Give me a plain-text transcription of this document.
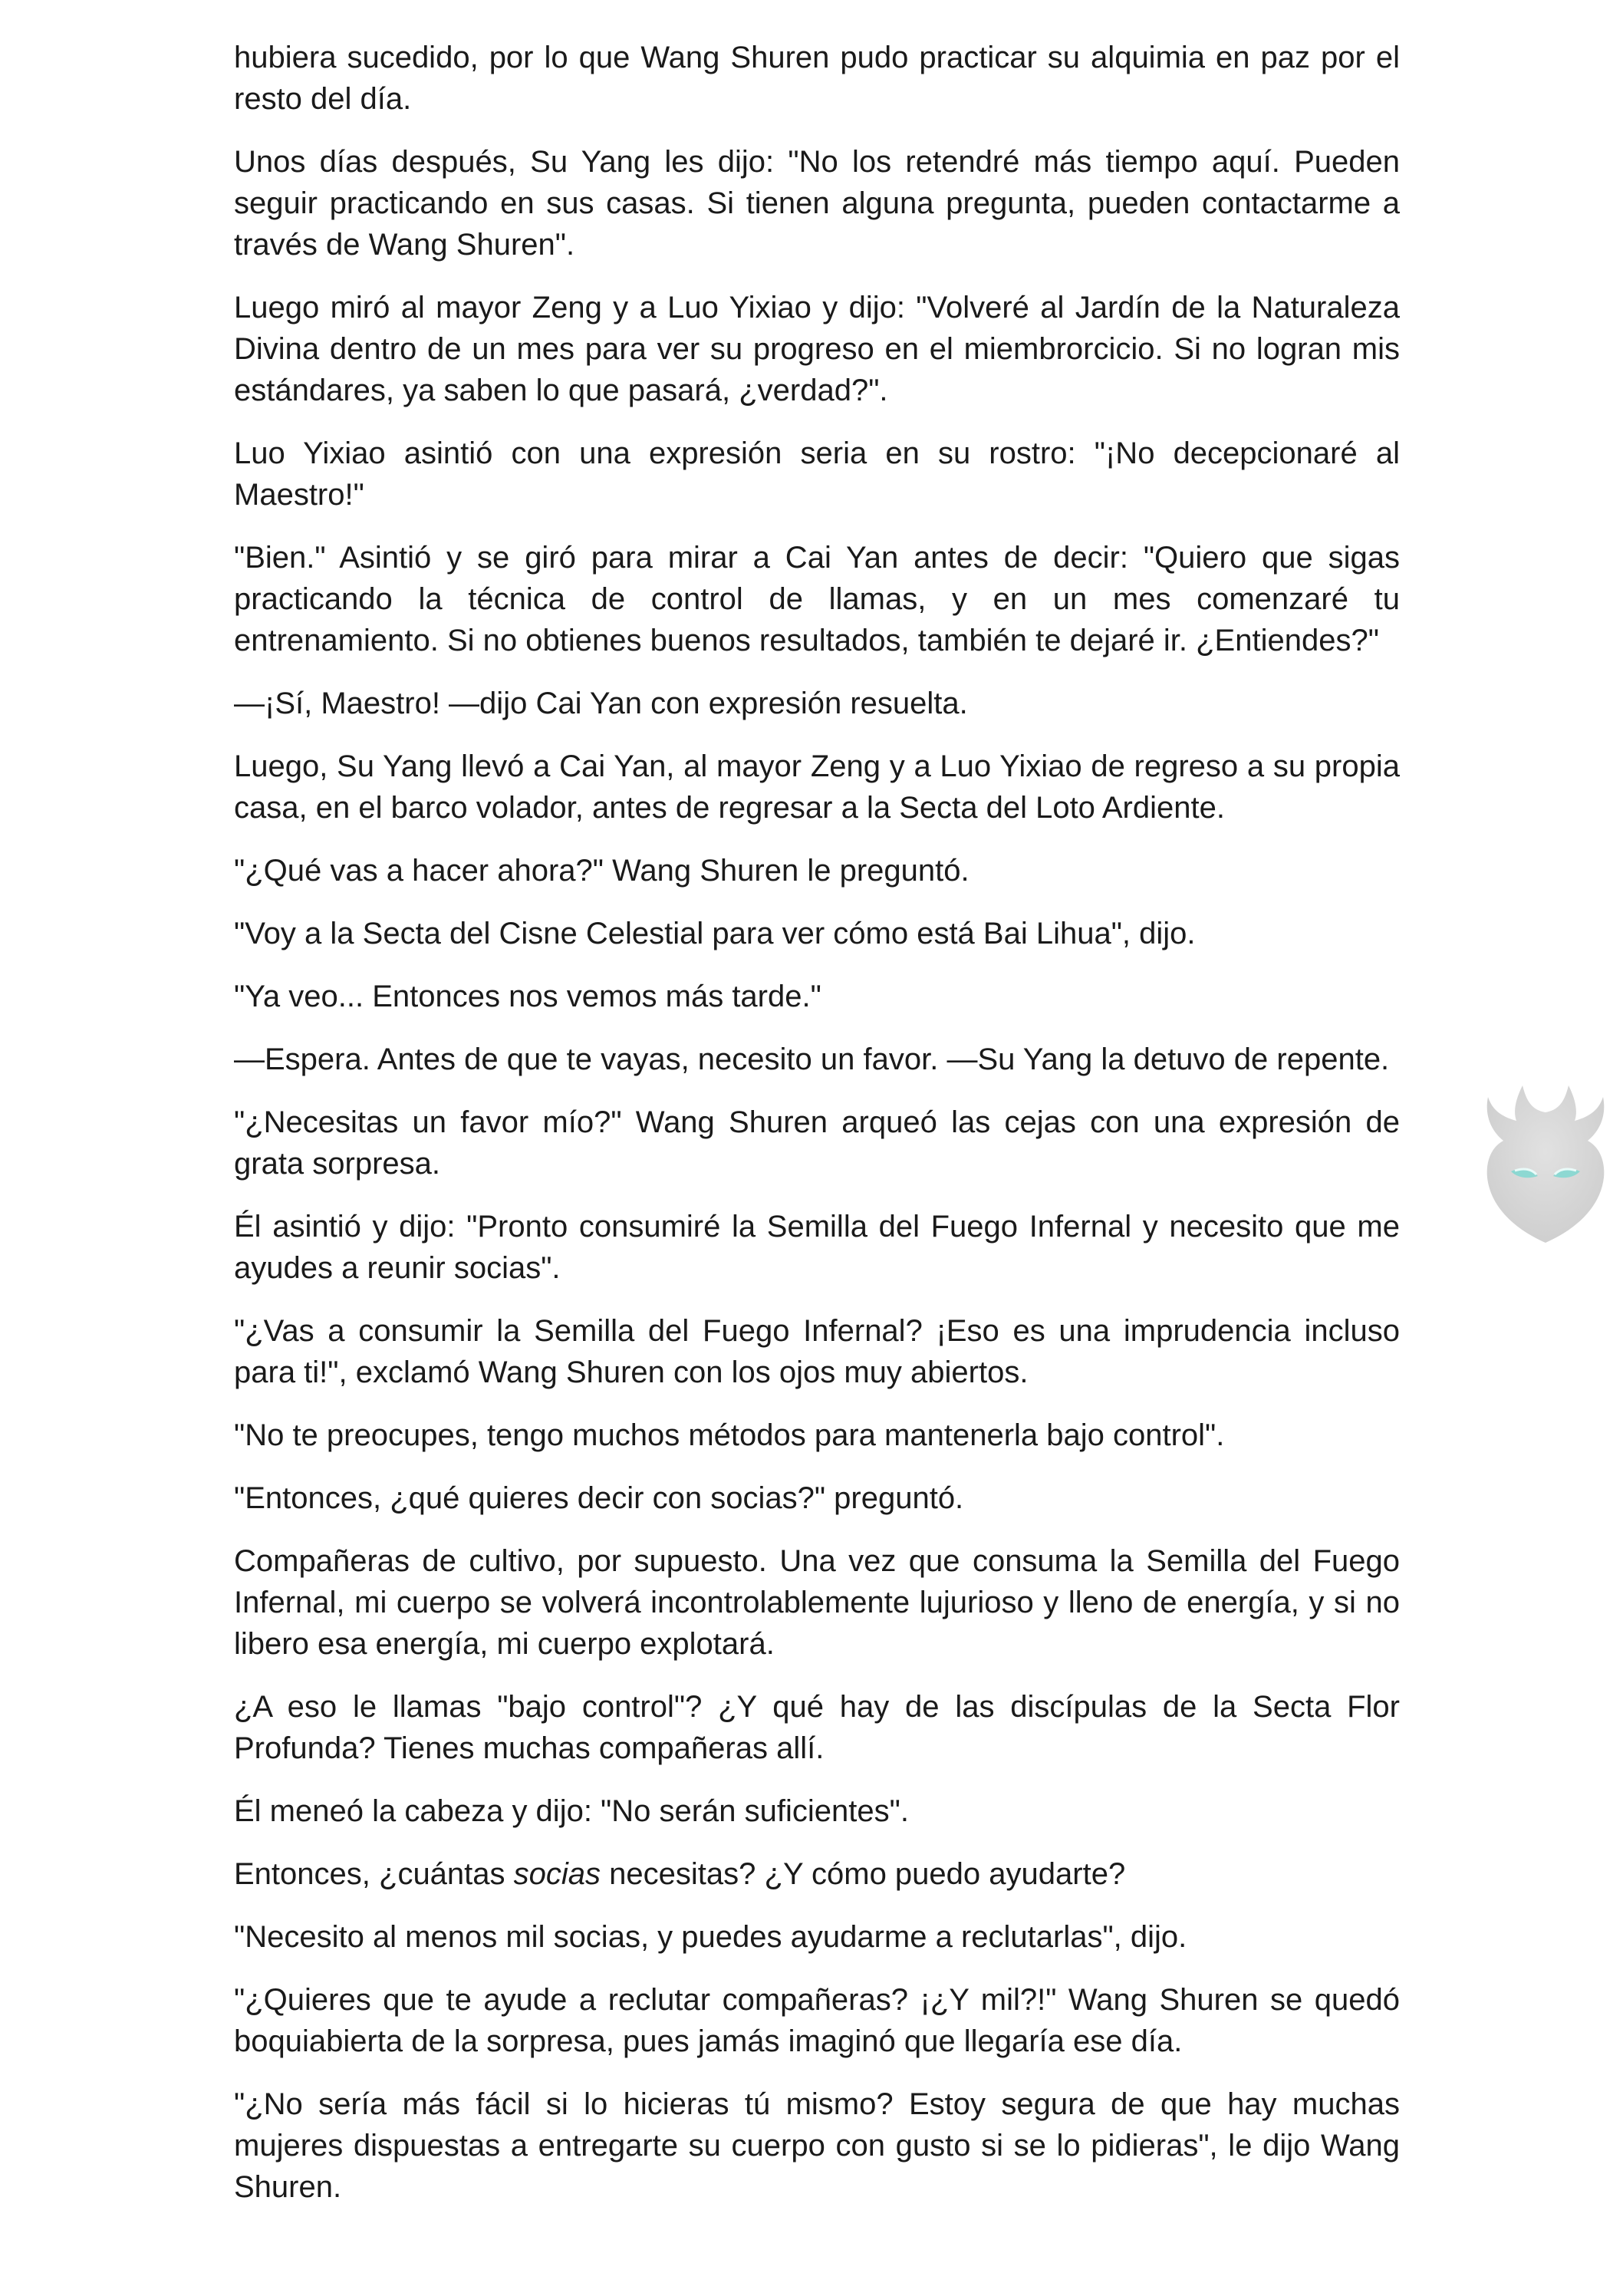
hubiera sucedido, por lo que Wang Shuren pudo practicar su alquimia en paz por el resto del día.

Unos días después, Su Yang les dijo: "No los retendré más tiempo aquí. Pueden seguir practicando en sus casas. Si tienen alguna pregunta, pueden contactarme a través de Wang Shuren".

Luego miró al mayor Zeng y a Luo Yixiao y dijo: "Volveré al Jardín de la Naturaleza Divina dentro de un mes para ver su progreso en el miembrorcicio. Si no logran mis estándares, ya saben lo que pasará, ¿verdad?".

Luo Yixiao asintió con una expresión seria en su rostro: "¡No decepcionaré al Maestro!"

"Bien." Asintió y se giró para mirar a Cai Yan antes de decir: "Quiero que sigas practicando la técnica de control de llamas, y en un mes comenzaré tu entrenamiento. Si no obtienes buenos resultados, también te dejaré ir. ¿Entiendes?"

—¡Sí, Maestro! —dijo Cai Yan con expresión resuelta.

Luego, Su Yang llevó a Cai Yan, al mayor Zeng y a Luo Yixiao de regreso a su propia casa, en el barco volador, antes de regresar a la Secta del Loto Ardiente.

"¿Qué vas a hacer ahora?" Wang Shuren le preguntó.

"Voy a la Secta del Cisne Celestial para ver cómo está Bai Lihua", dijo.

"Ya veo... Entonces nos vemos más tarde."

—Espera. Antes de que te vayas, necesito un favor. —Su Yang la detuvo de repente.

"¿Necesitas un favor mío?" Wang Shuren arqueó las cejas con una expresión de grata sorpresa.

Él asintió y dijo: "Pronto consumiré la Semilla del Fuego Infernal y necesito que me ayudes a reunir socias".

"¿Vas a consumir la Semilla del Fuego Infernal? ¡Eso es una imprudencia incluso para ti!", exclamó Wang Shuren con los ojos muy abiertos.

"No te preocupes, tengo muchos métodos para mantenerla bajo control".

"Entonces, ¿qué quieres decir con socias?" preguntó.

Compañeras de cultivo, por supuesto. Una vez que consuma la Semilla del Fuego Infernal, mi cuerpo se volverá incontrolablemente lujurioso y lleno de energía, y si no libero esa energía, mi cuerpo explotará.

¿A eso le llamas "bajo control"? ¿Y qué hay de las discípulas de la Secta Flor Profunda? Tienes muchas compañeras allí.

Él meneó la cabeza y dijo: "No serán suficientes".

Entonces, ¿cuántas socias necesitas? ¿Y cómo puedo ayudarte?

"Necesito al menos mil socias, y puedes ayudarme a reclutarlas", dijo.

"¿Quieres que te ayude a reclutar compañeras? ¡¿Y mil?!" Wang Shuren se quedó boquiabierta de la sorpresa, pues jamás imaginó que llegaría ese día.

"¿No sería más fácil si lo hicieras tú mismo? Estoy segura de que hay muchas mujeres dispuestas a entregarte su cuerpo con gusto si se lo pidieras", le dijo Wang Shuren.
